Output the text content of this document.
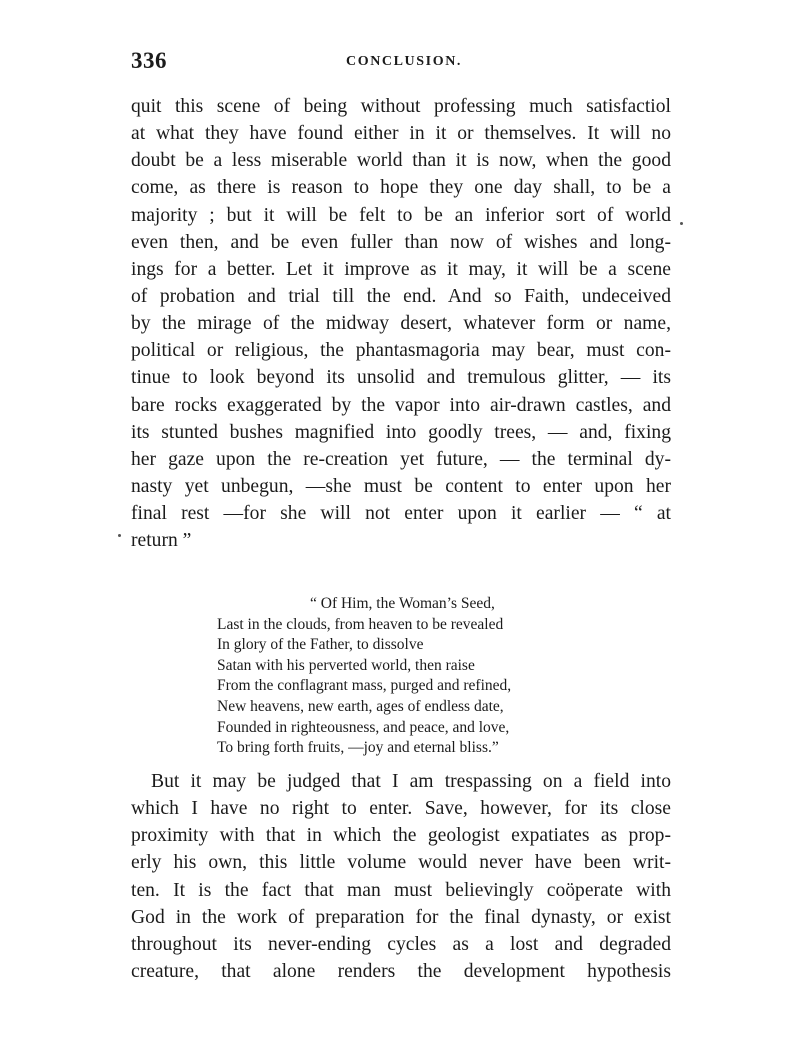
336	CONCLUSION.
quit this scene of being without professing much satisfactiol
at what they have found either in it or themselves. It will no
doubt be a less miserable world than it is now, when the good
come, as there is reason to hope they one day shall, to be a
majority ; but it will be felt to be an inferior sort of world
even then, and be even fuller than now of wishes and long-
ings for a better. Let it improve as it may, it will be a scene
of probation and trial till the end. And so Faith, undeceived
by the mirage of the midway desert, whatever form or name,
political or religious, the phantasmagoria may bear, must con-
tinue to look beyond its unsolid and tremulous glitter, — its
bare rocks exaggerated by the vapor into air-drawn castles, and
its stunted bushes magnified into goodly trees, — and, fixing
her gaze upon the re-creation yet future, — the terminal dy-
nasty yet unbegun, —she must be content to enter upon her
final rest —for she will not enter upon it earlier — “ at
return ”
“ Of Him, the Woman’s Seed,
Last in the clouds, from heaven to be revealed
In glory of the Father, to dissolve
Satan with his perverted world, then raise
From the conflagrant mass, purged and refined,
New heavens, new earth, ages of endless date,
Founded in righteousness, and peace, and love,
To bring forth fruits, —joy and eternal bliss.”
But it may be judged that I am trespassing on a field into
which I have no right to enter. Save, however, for its close
proximity with that in which the geologist expatiates as prop-
erly his own, this little volume would never have been writ-
ten. It is the fact that man must believingly coöperate with
God in the work of preparation for the final dynasty, or exist
throughout its never-ending cycles as a lost and degraded
creature, that alone renders the development hypothesis
